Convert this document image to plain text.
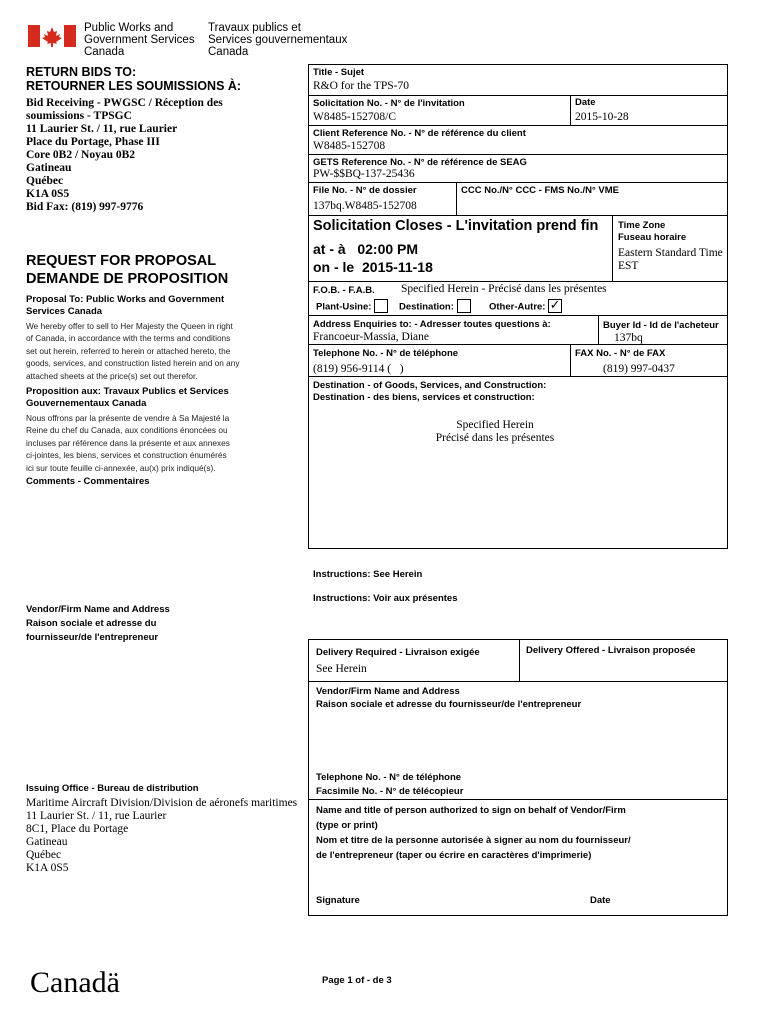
Public Works and
Government Services
Canada
Travaux publics et
Services gouvernementaux
Canada
RETURN BIDS TO:
RETOURNER LES SOUMISSIONS À:
Bid Receiving - PWGSC / Réception des
soumissions - TPSGC
11 Laurier St. / 11, rue Laurier
Place du Portage, Phase III
Core 0B2 / Noyau 0B2
Gatineau
Québec
K1A 0S5
Bid Fax: (819) 997-9776
REQUEST FOR PROPOSAL
DEMANDE DE PROPOSITION
Proposal To: Public Works and Government
Services Canada
We hereby offer to sell to Her Majesty the Queen in right
of Canada, in accordance with the terms and conditions
set out herein, referred to herein or attached hereto, the
goods, services, and construction listed herein and on any
attached sheets at the price(s) set out therefor.
Proposition aux: Travaux Publics et Services
Gouvernementaux Canada
Nous offrons par la présente de vendre à Sa Majesté la
Reine du chef du Canada, aux conditions énoncées ou
incluses par référence dans la présente et aux annexes
ci-jointes, les biens, services et construction énumérés
ici sur toute feuille ci-annexée, au(x) prix indiqué(s).
Comments - Commentaires
Vendor/Firm Name and Address
Raison sociale et adresse du
fournisseur/de l'entrepreneur
Issuing Office - Bureau de distribution
Maritime Aircraft Division/Division de aéronefs maritimes
11 Laurier St. / 11, rue Laurier
8C1, Place du Portage
Gatineau
Québec
K1A 0S5
Title - Sujet
R&O for the TPS-70
Solicitation No. - N° de l'invitation
W8485-152708/C
Date
2015-10-28
Client Reference No. - N° de référence du client
W8485-152708
GETS Reference No. - N° de référence de SEAG
PW-$$BQ-137-25436
File No. - N° de dossier
137bq.W8485-152708
CCC No./N° CCC - FMS No./N° VME
Solicitation Closes - L'invitation prend fin
at - à 02:00 PM
on - le 2015-11-18
Time Zone
Fuseau horaire
Eastern Standard Time
EST
F.O.B. - F.A.B. Specified Herein - Précisé dans les présentes
Plant-Usine:	Destination:	Other-Autre: ✓
Address Enquiries to: - Adresser toutes questions à:
Francoeur-Massia, Diane
Buyer Id - Id de l'acheteur
137bq
Telephone No. - N° de téléphone
(819) 956-9114 (   )
FAX No. - N° de FAX
(819) 997-0437
Destination - of Goods, Services, and Construction:
Destination - des biens, services et construction:
Specified Herein
Précisé dans les présentes
Instructions: See Herein
Instructions: Voir aux présentes
Delivery Required - Livraison exigée
See Herein
Delivery Offered - Livraison proposée
Vendor/Firm Name and Address
Raison sociale et adresse du fournisseur/de l'entrepreneur
Telephone No. - N° de téléphone
Facsimile No. - N° de télécopieur
Name and title of person authorized to sign on behalf of Vendor/Firm
(type or print)
Nom et titre de la personne autorisée à signer au nom du fournisseur/
de l'entrepreneur (taper ou écrire en caractères d'imprimerie)
Signature	Date
Canadä	Page 1 of - de 3
